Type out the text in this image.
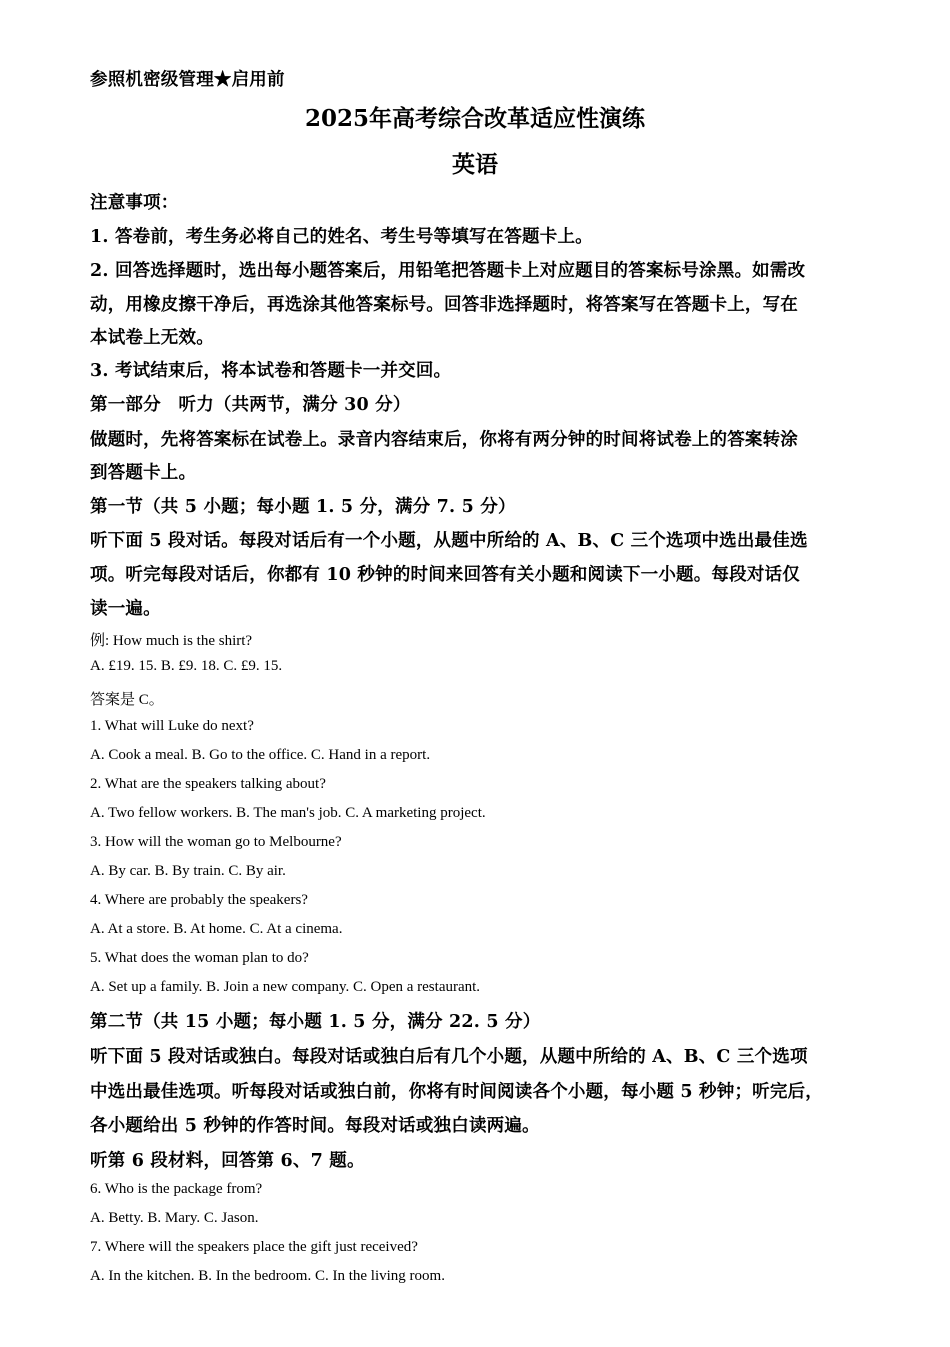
参照机密级管理★启用前
2025年高考综合改革适应性演练
英语
注意事项：
1. 答卷前，考生务必将自己的姓名、考生号等填写在答题卡上。
2. 回答选择题时，选出每小题答案后，用铅笔把答题卡上对应题目的答案标号涂黑。如需改
动，用橡皮擦干净后，再选涂其他答案标号。回答非选择题时，将答案写在答题卡上，写在
本试卷上无效。
3. 考试结束后，将本试卷和答题卡一并交回。
第一部分　听力（共两节，满分 30 分）
做题时，先将答案标在试卷上。录音内容结束后，你将有两分钟的时间将试卷上的答案转涂
到答题卡上。
第一节（共 5 小题；每小题 1. 5 分，满分 7. 5 分）
听下面 5 段对话。每段对话后有一个小题，从题中所给的 A、B、C 三个选项中选出最佳选
项。听完每段对话后，你都有 10 秒钟的时间来回答有关小题和阅读下一小题。每段对话仅
读一遍。
例: How much is the shirt?
A. £19. 15. B. £9. 18. C. £9. 15.
答案是 C。
1. What will Luke do next?
A. Cook a meal. B. Go to the office. C. Hand in a report.
2. What are the speakers talking about?
A. Two fellow workers. B. The man's job. C. A marketing project.
3. How will the woman go to Melbourne?
A. By car. B. By train. C. By air.
4. Where are probably the speakers?
A. At a store. B. At home. C. At a cinema.
5. What does the woman plan to do?
A. Set up a family. B. Join a new company. C. Open a restaurant.
第二节（共 15 小题；每小题 1. 5 分，满分 22. 5 分）
听下面 5 段对话或独白。每段对话或独白后有几个小题，从题中所给的 A、B、C 三个选项
中选出最佳选项。听每段对话或独白前，你将有时间阅读各个小题，每小题 5 秒钟；听完后，
各小题给出 5 秒钟的作答时间。每段对话或独白读两遍。
听第 6 段材料，回答第 6、7 题。
6. Who is the package from?
A. Betty. B. Mary. C. Jason.
7. Where will the speakers place the gift just received?
A. In the kitchen. B. In the bedroom. C. In the living room.
